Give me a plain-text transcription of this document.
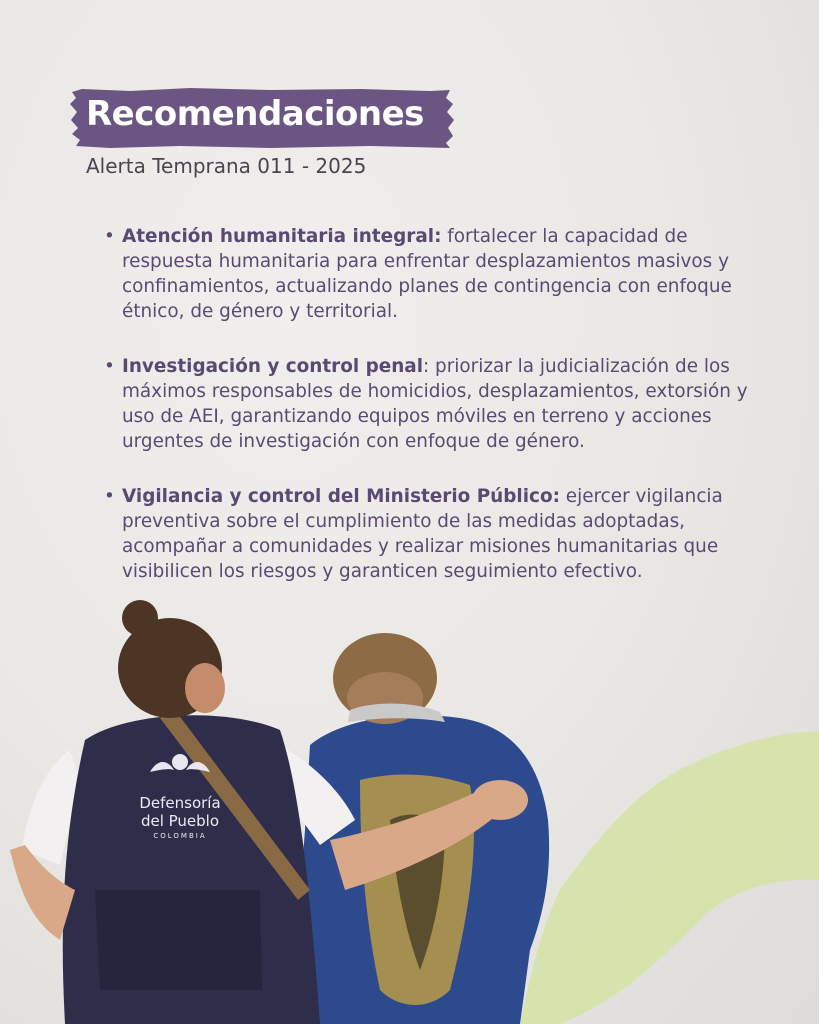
Recomendaciones
Alerta Temprana 011 - 2025
• Atención humanitaria integral: fortalecer la capacidad de respuesta humanitaria para enfrentar desplazamientos masivos y confinamientos, actualizando planes de contingencia con enfoque étnico, de género y territorial.
• Investigación y control penal: priorizar la judicialización de los máximos responsables de homicidios, desplazamientos, extorsión y uso de AEI, garantizando equipos móviles en terreno y acciones urgentes de investigación con enfoque de género.
• Vigilancia y control del Ministerio Público: ejercer vigilancia preventiva sobre el cumplimiento de las medidas adoptadas, acompañar a comunidades y realizar misiones humanitarias que visibilicen los riesgos y garanticen seguimiento efectivo.
Defensoría
del Pueblo
COLOMBIA
